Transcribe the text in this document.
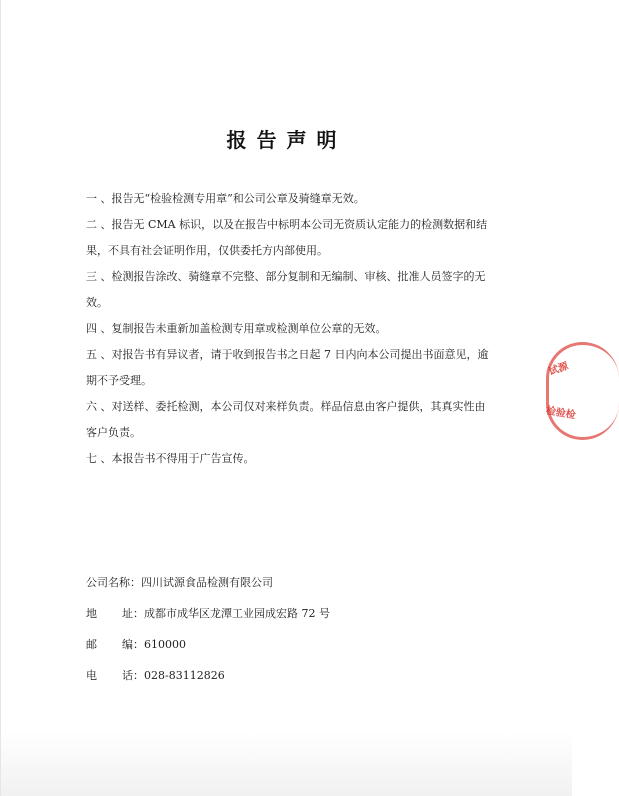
报告声明

一 、报告无“检验检测专用章”和公司公章及骑缝章无效。

二 、报告无 CMA 标识，以及在报告中标明本公司无资质认定能力的检测数据和结果，不具有社会证明作用，仅供委托方内部使用。

三 、检测报告涂改、骑缝章不完整、部分复制和无编制、审核、批准人员签字的无效。

四 、复制报告未重新加盖检测专用章或检测单位公章的无效。

五 、对报告书有异议者，请于收到报告书之日起 7 日内向本公司提出书面意见，逾期不予受理。

六 、对送样、委托检测，本公司仅对来样负责。样品信息由客户提供，其真实性由客户负责。

七 、本报告书不得用于广告宣传。

公司名称：四川试源食品检测有限公司
地 址：成都市成华区龙潭工业园成宏路 72 号
邮 编：610000
电 话：028-83112826
试源
检验检
